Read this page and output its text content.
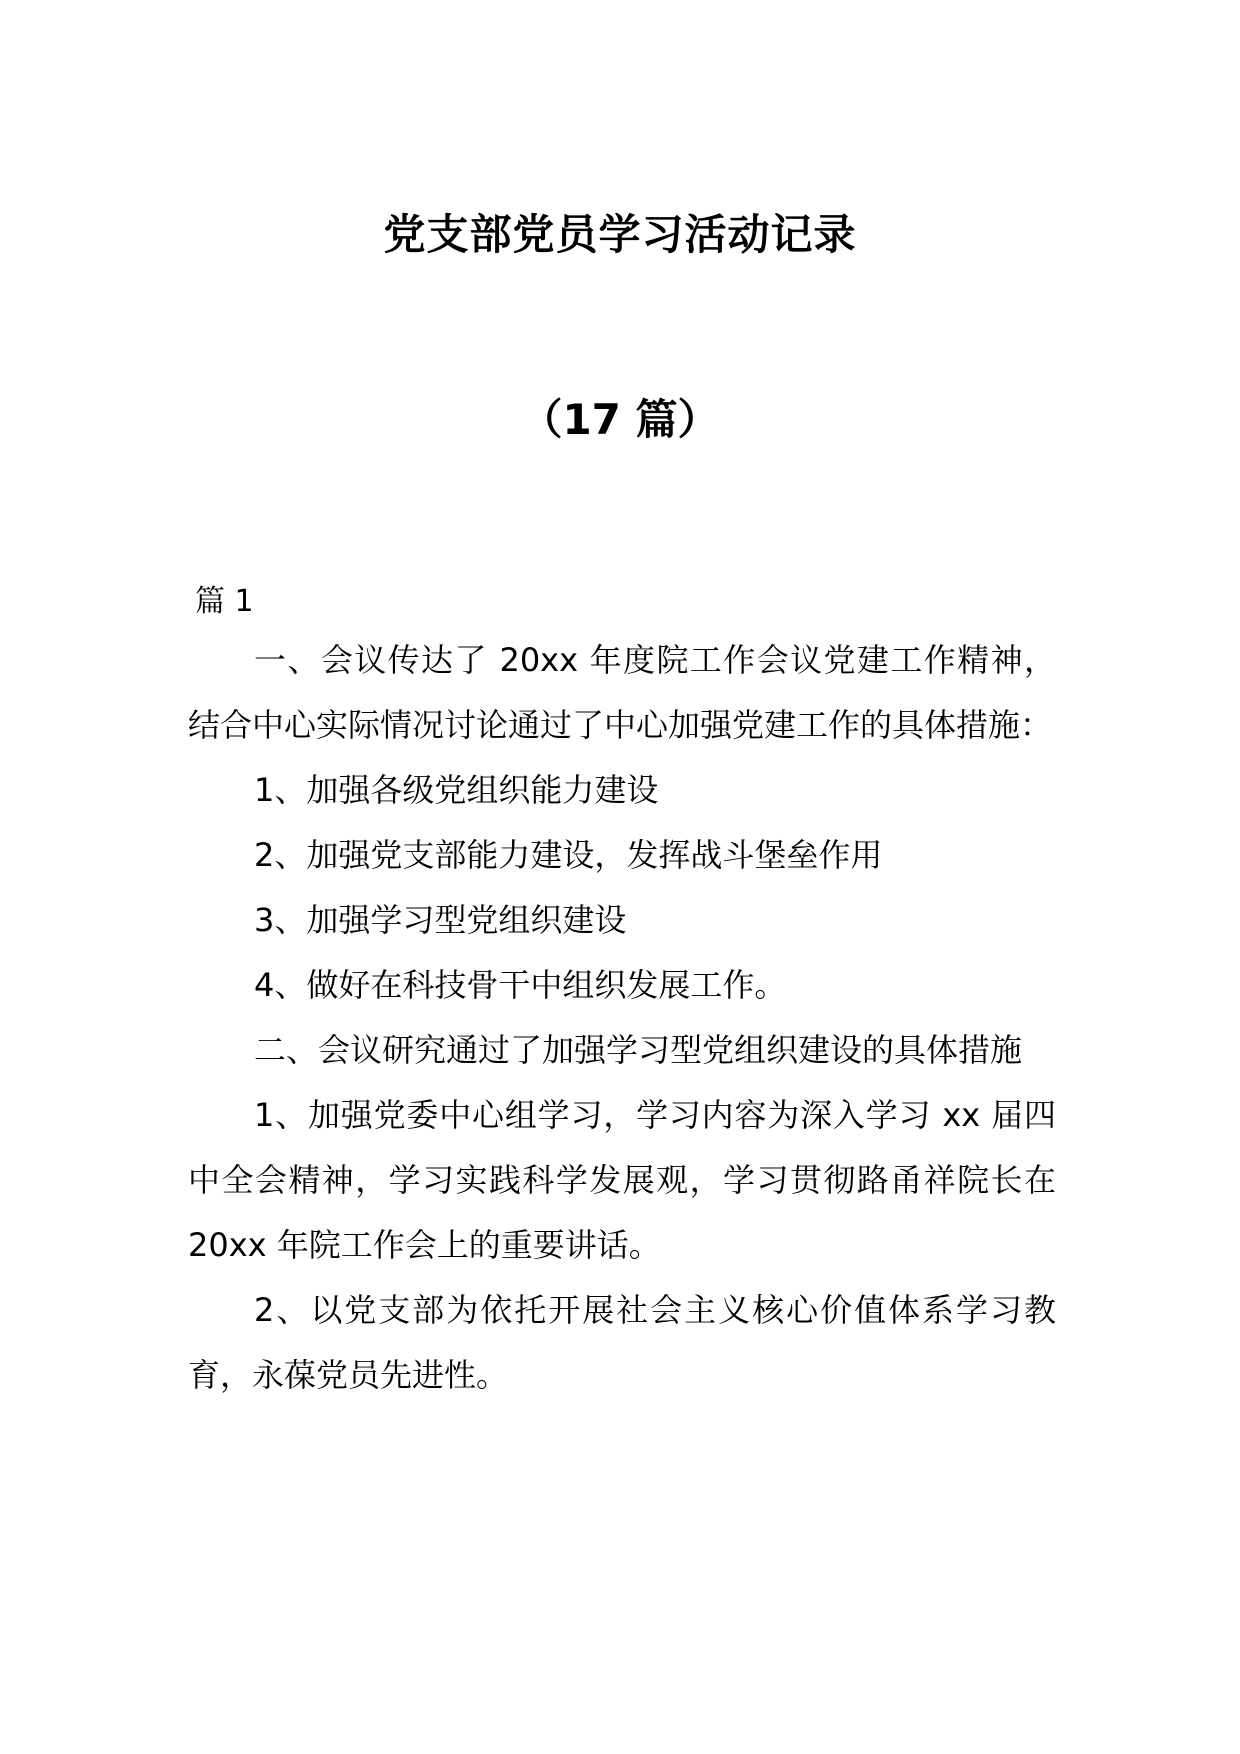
党支部党员学习活动记录
（17 篇）

篇 1

一、会议传达了 20xx 年度院工作会议党建工作精神，结合中心实际情况讨论通过了中心加强党建工作的具体措施：

1、加强各级党组织能力建设

2、加强党支部能力建设，发挥战斗堡垒作用

3、加强学习型党组织建设

4、做好在科技骨干中组织发展工作。

二、会议研究通过了加强学习型党组织建设的具体措施

1、加强党委中心组学习，学习内容为深入学习 xx 届四中全会精神，学习实践科学发展观，学习贯彻路甬祥院长在 20xx 年院工作会上的重要讲话。

2、以党支部为依托开展社会主义核心价值体系学习教育，永葆党员先进性。
